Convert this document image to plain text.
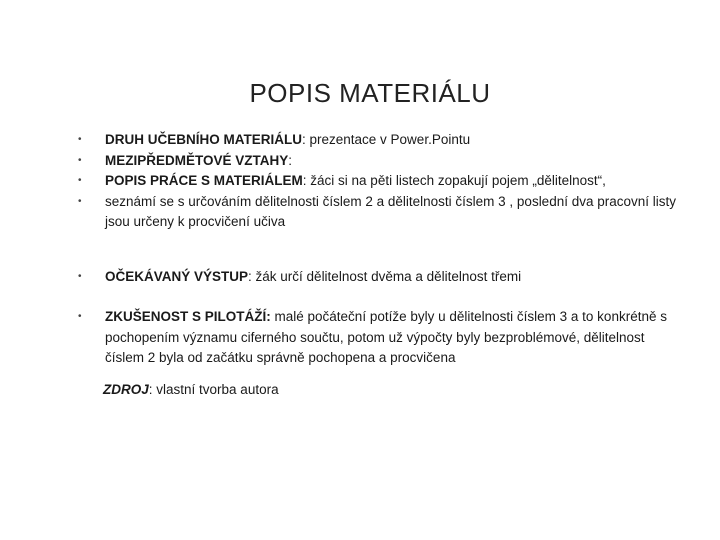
POPIS MATERIÁLU
• DRUH UČEBNÍHO MATERIÁLU: prezentace v Power.Pointu
• MEZIPŘEDMĚTOVÉ VZTAHY:
• POPIS PRÁCE S MATERIÁLEM: žáci si na pěti listech zopakují pojem „dělitelnost“,
• seznámí se s určováním dělitelnosti číslem 2 a dělitelnosti číslem 3 , poslední dva pracovní listy jsou určeny k procvičení učiva
• OČEKÁVANÝ VÝSTUP: žák určí dělitelnost dvěma a dělitelnost třemi
• ZKUŠENOST S PILOTÁŽÍ: malé počáteční potíže byly u dělitelnosti číslem 3 a to konkrétně s pochopením významu ciferného součtu, potom už výpočty byly bezproblémové, dělitelnost číslem 2 byla od začátku správně pochopena a procvičena
ZDROJ: vlastní tvorba autora
